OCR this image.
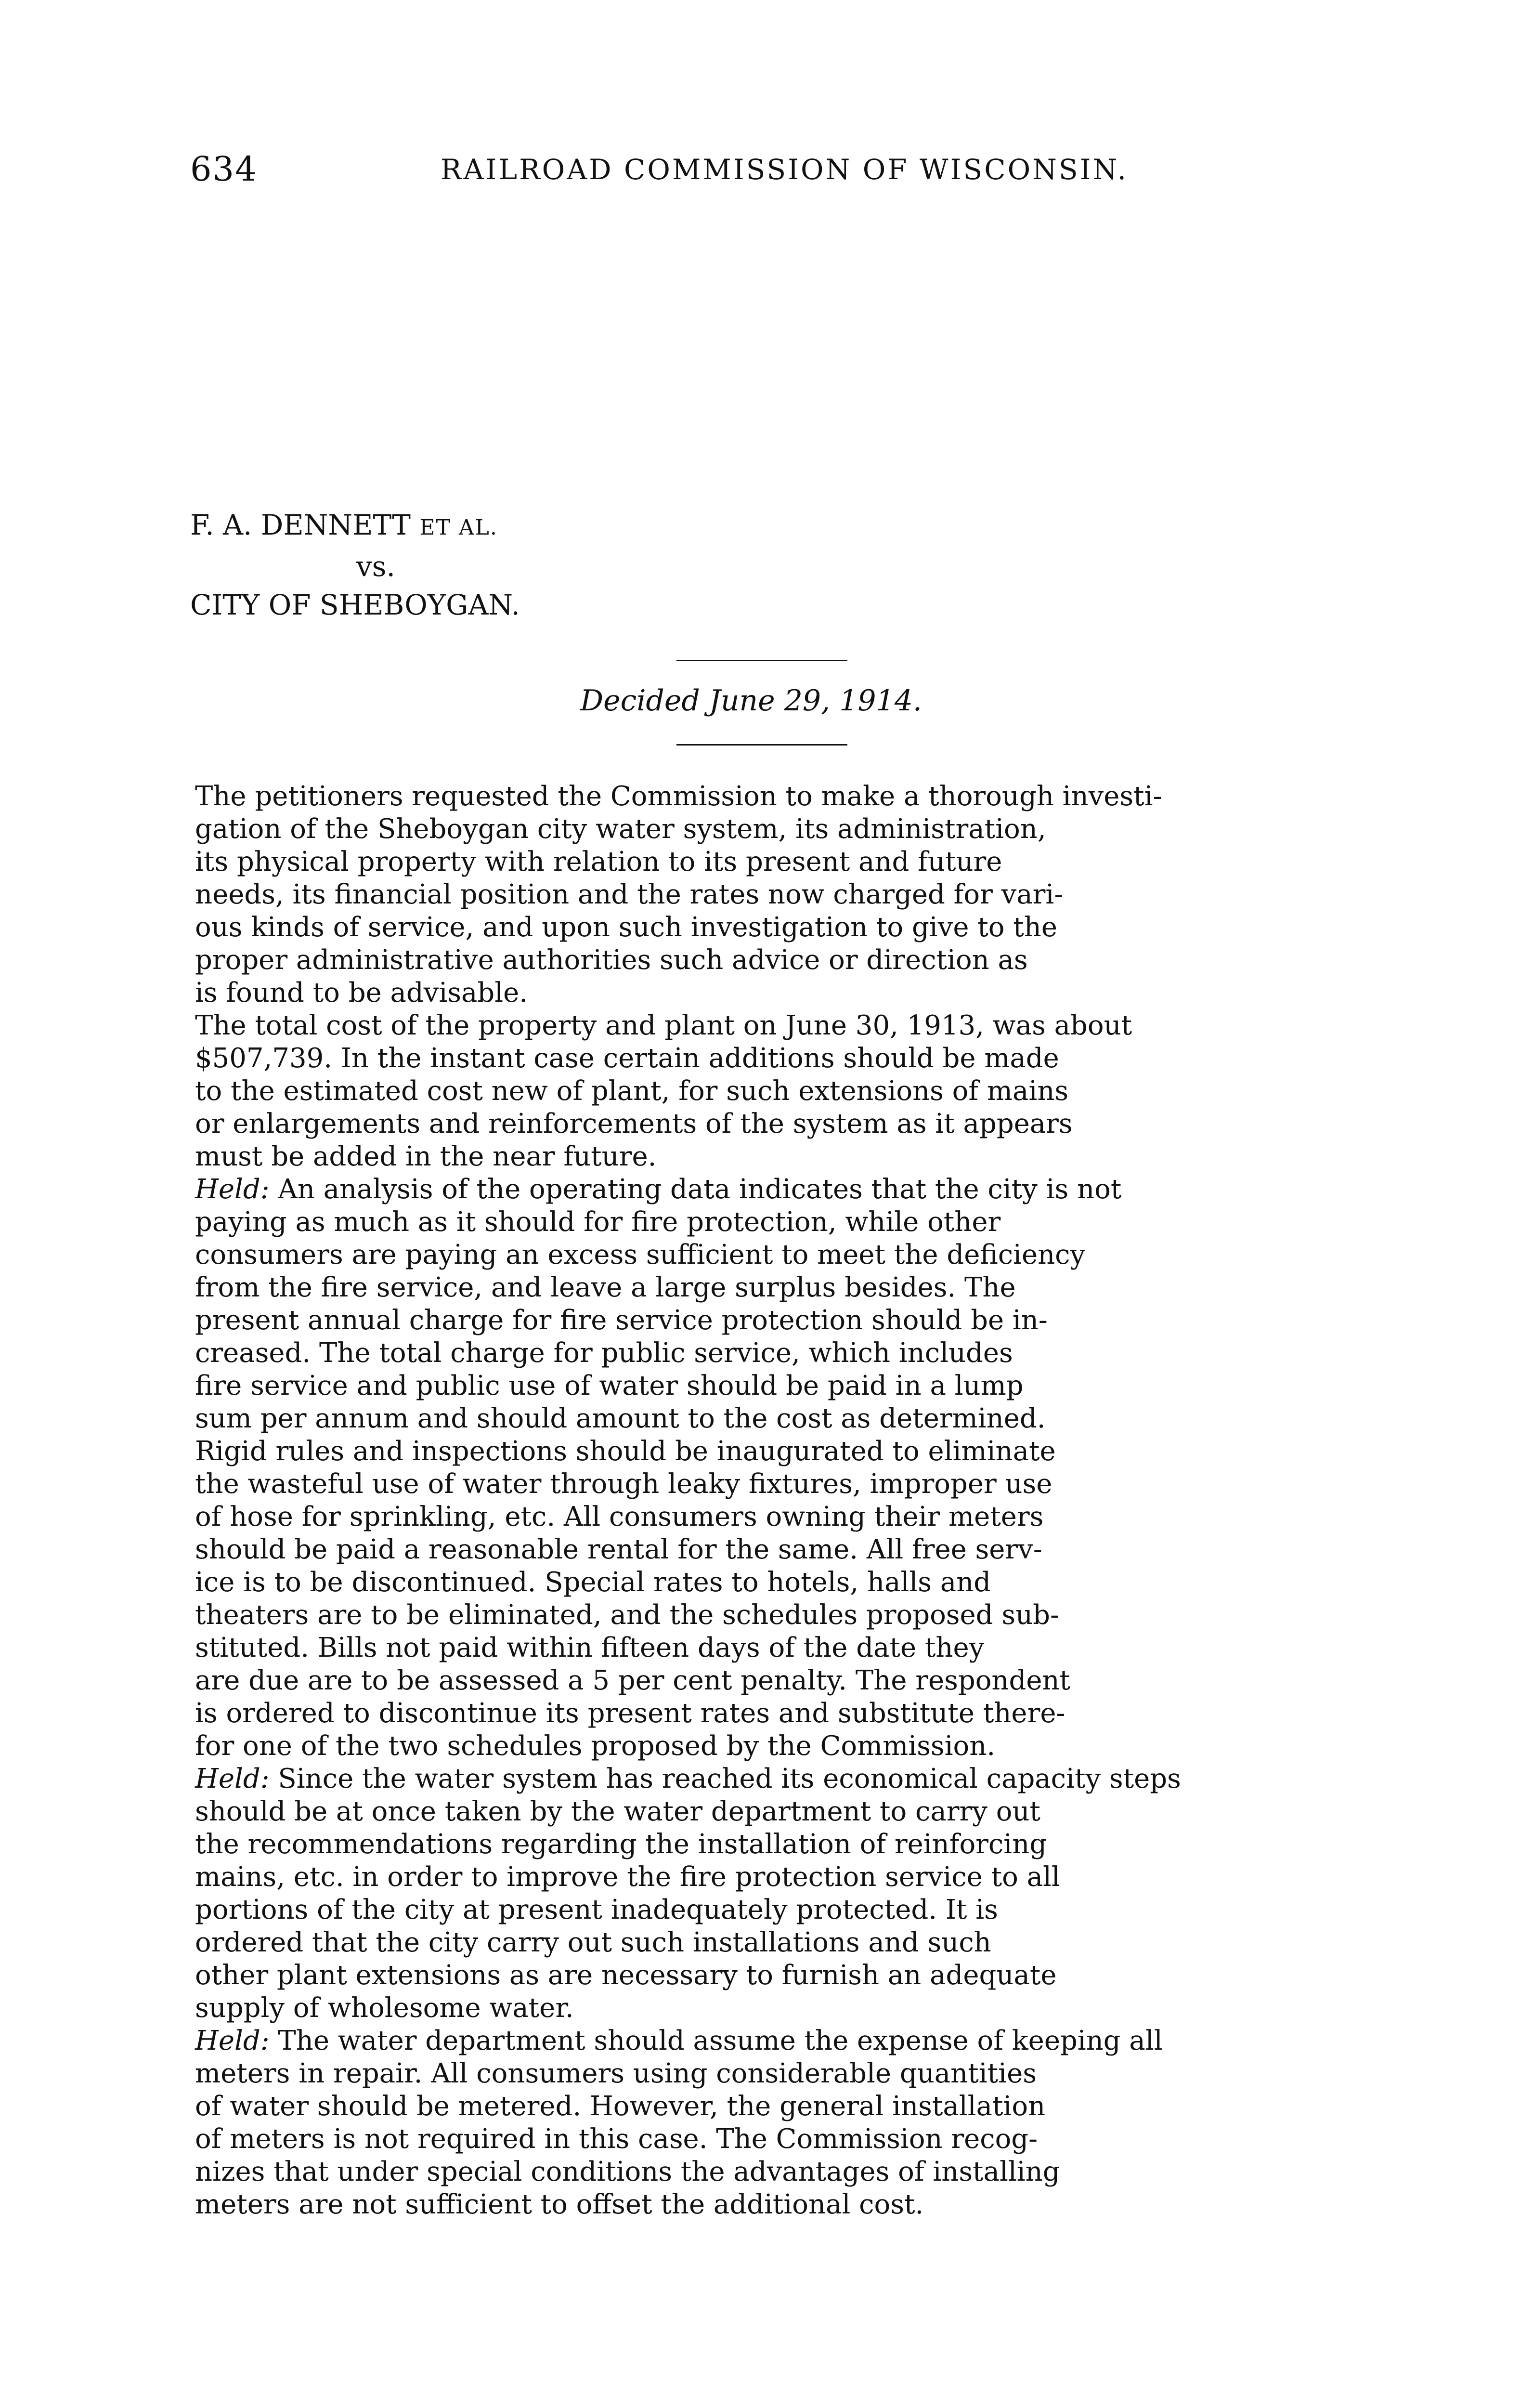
634	RAILROAD COMMISSION OF WISCONSIN.
F. A. DENNETT ET AL.
vs.
CITY OF SHEBOYGAN.
Decided June 29, 1914.
The petitioners requested the Commission to make a thorough investi-
gation of the Sheboygan city water system, its administration,
its physical property with relation to its present and future
needs, its financial position and the rates now charged for vari-
ous kinds of service, and upon such investigation to give to the
proper administrative authorities such advice or direction as
is found to be advisable.
The total cost of the property and plant on June 30, 1913, was about
$507,739. In the instant case certain additions should be made
to the estimated cost new of plant, for such extensions of mains
or enlargements and reinforcements of the system as it appears
must be added in the near future.
Held: An analysis of the operating data indicates that the city is not
paying as much as it should for fire protection, while other
consumers are paying an excess sufficient to meet the deficiency
from the fire service, and leave a large surplus besides. The
present annual charge for fire service protection should be in-
creased. The total charge for public service, which includes
fire service and public use of water should be paid in a lump
sum per annum and should amount to the cost as determined.
Rigid rules and inspections should be inaugurated to eliminate
the wasteful use of water through leaky fixtures, improper use
of hose for sprinkling, etc. All consumers owning their meters
should be paid a reasonable rental for the same. All free serv-
ice is to be discontinued. Special rates to hotels, halls and
theaters are to be eliminated, and the schedules proposed sub-
stituted. Bills not paid within fifteen days of the date they
are due are to be assessed a 5 per cent penalty. The respondent
is ordered to discontinue its present rates and substitute there-
for one of the two schedules proposed by the Commission.
Held: Since the water system has reached its economical capacity steps
should be at once taken by the water department to carry out
the recommendations regarding the installation of reinforcing
mains, etc. in order to improve the fire protection service to all
portions of the city at present inadequately protected. It is
ordered that the city carry out such installations and such
other plant extensions as are necessary to furnish an adequate
supply of wholesome water.
Held: The water department should assume the expense of keeping all
meters in repair. All consumers using considerable quantities
of water should be metered. However, the general installation
of meters is not required in this case. The Commission recog-
nizes that under special conditions the advantages of installing
meters are not sufficient to offset the additional cost.
